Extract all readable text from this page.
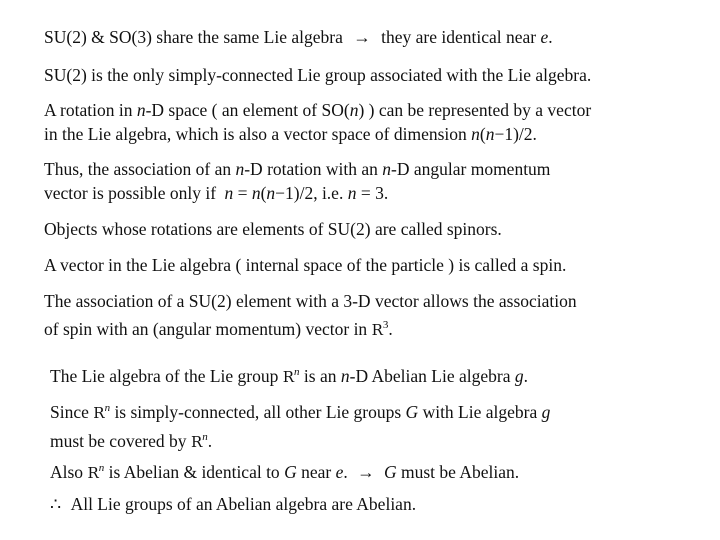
SU(2) & SO(3) share the same Lie algebra → they are identical near e.
SU(2) is the only simply-connected Lie group associated with the Lie algebra.
A rotation in n-D space ( an element of SO(n) ) can be represented by a vector
in the Lie algebra, which is also a vector space of dimension n(n−1)/2.
Thus, the association of an n-D rotation with an n-D angular momentum
vector is possible only if n = n(n−1)/2, i.e. n = 3.
Objects whose rotations are elements of SU(2) are called spinors.
A vector in the Lie algebra ( internal space of the particle ) is called a spin.
The association of a SU(2) element with a 3-D vector allows the association
of spin with an (angular momentum) vector in $R^3$.
The Lie algebra of the Lie group $R^n$ is an n-D Abelian Lie algebra g.
Since $R^n$ is simply-connected, all other Lie groups G with Lie algebra g
must be covered by $R^n$.
Also $R^n$ is Abelian & identical to G near e. → G must be Abelian.
∴ All Lie groups of an Abelian algebra are Abelian.
